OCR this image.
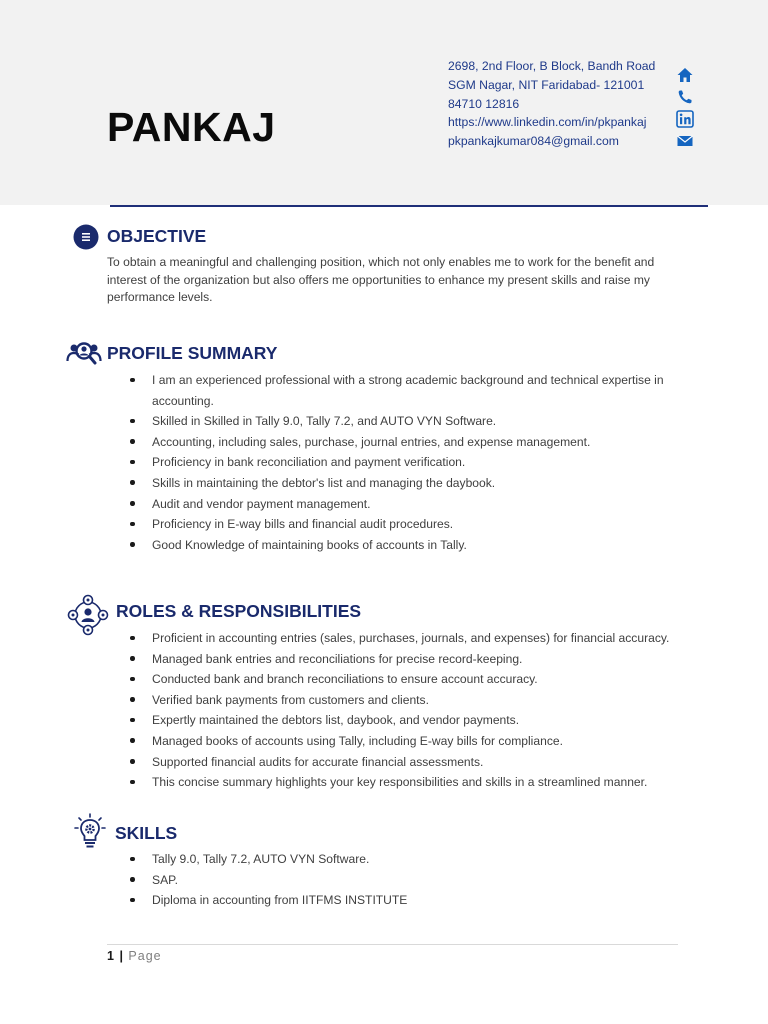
PANKAJ
2698, 2nd Floor, B Block, Bandh Road
SGM Nagar, NIT Faridabad- 121001
84710 12816
https://www.linkedin.com/in/pkpankaj
pkpankajkumar084@gmail.com
OBJECTIVE

To obtain a meaningful and challenging position, which not only enables me to work for the benefit and interest of the organization but also offers me opportunities to enhance my present skills and raise my performance levels.

PROFILE SUMMARY
I am an experienced professional with a strong academic background and technical expertise in accounting.
Skilled in Skilled in Tally 9.0, Tally 7.2, and AUTO VYN Software.
Accounting, including sales, purchase, journal entries, and expense management.
Proficiency in bank reconciliation and payment verification.
Skills in maintaining the debtor's list and managing the daybook.
Audit and vendor payment management.
Proficiency in E-way bills and financial audit procedures.
Good Knowledge of maintaining books of accounts in Tally.
ROLES & RESPONSIBILITIES
Proficient in accounting entries (sales, purchases, journals, and expenses) for financial accuracy.
Managed bank entries and reconciliations for precise record-keeping.
Conducted bank and branch reconciliations to ensure account accuracy.
Verified bank payments from customers and clients.
Expertly maintained the debtors list, daybook, and vendor payments.
Managed books of accounts using Tally, including E-way bills for compliance.
Supported financial audits for accurate financial assessments.
This concise summary highlights your key responsibilities and skills in a streamlined manner.
SKILLS
Tally 9.0, Tally 7.2, AUTO VYN Software.
SAP.
Diploma in accounting from IITFMS INSTITUTE
1 | Page
